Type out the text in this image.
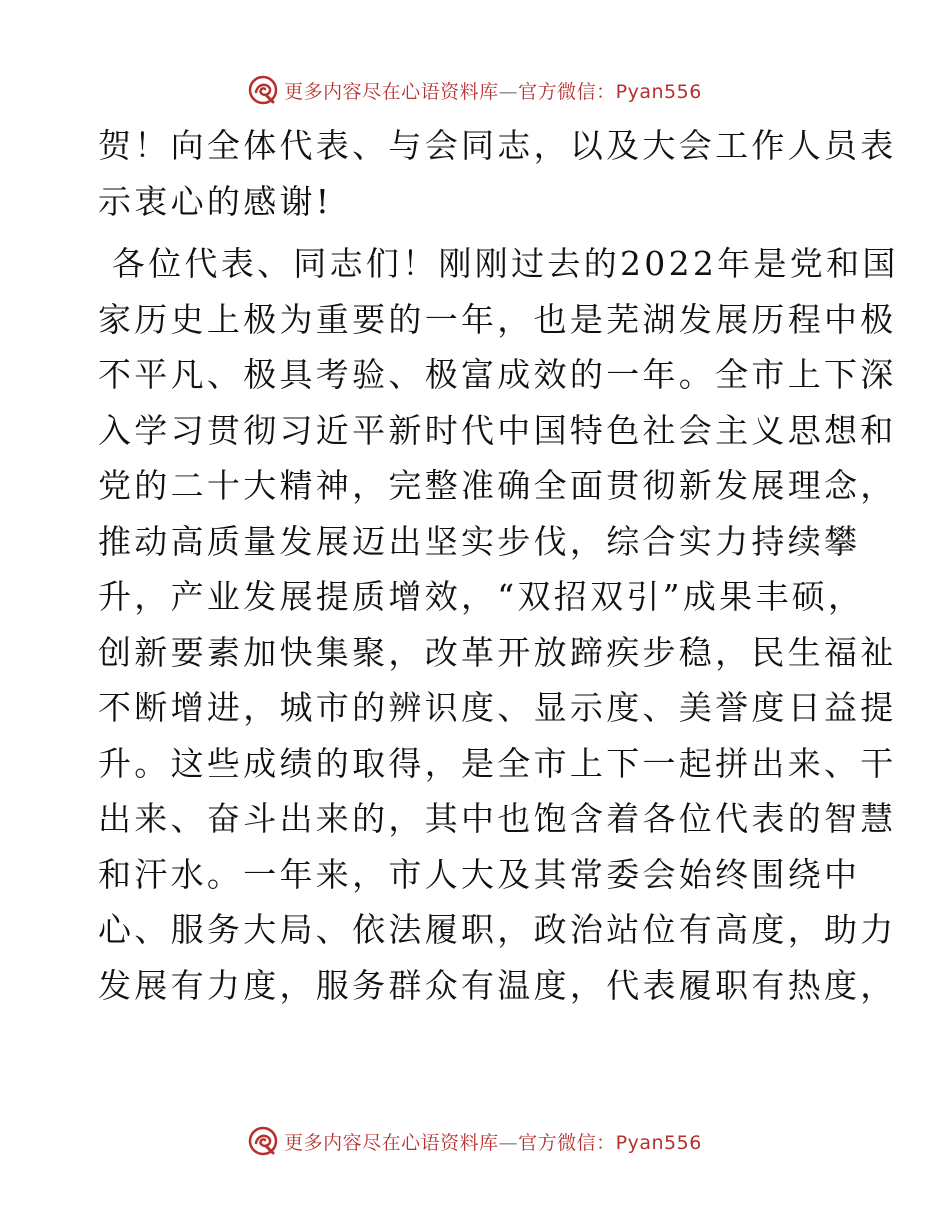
更多内容尽在心语资料库—官方微信：Pyan556

贺！向全体代表、与会同志，以及大会工作人员表
示衷心的感谢!

各位代表、同志们！刚刚过去的2022年是党和国
家历史上极为重要的一年，也是芜湖发展历程中极
不平凡、极具考验、极富成效的一年。全市上下深
入学习贯彻习近平新时代中国特色社会主义思想和
党的二十大精神，完整准确全面贯彻新发展理念，
推动高质量发展迈出坚实步伐，综合实力持续攀
升，产业发展提质增效，“双招双引”成果丰硕，
创新要素加快集聚，改革开放蹄疾步稳，民生福祉
不断增进，城市的辨识度、显示度、美誉度日益提
升。这些成绩的取得，是全市上下一起拼出来、干
出来、奋斗出来的，其中也饱含着各位代表的智慧
和汗水。一年来，市人大及其常委会始终围绕中
心、服务大局、依法履职，政治站位有高度，助力
发展有力度，服务群众有温度，代表履职有热度，

更多内容尽在心语资料库—官方微信：Pyan556
